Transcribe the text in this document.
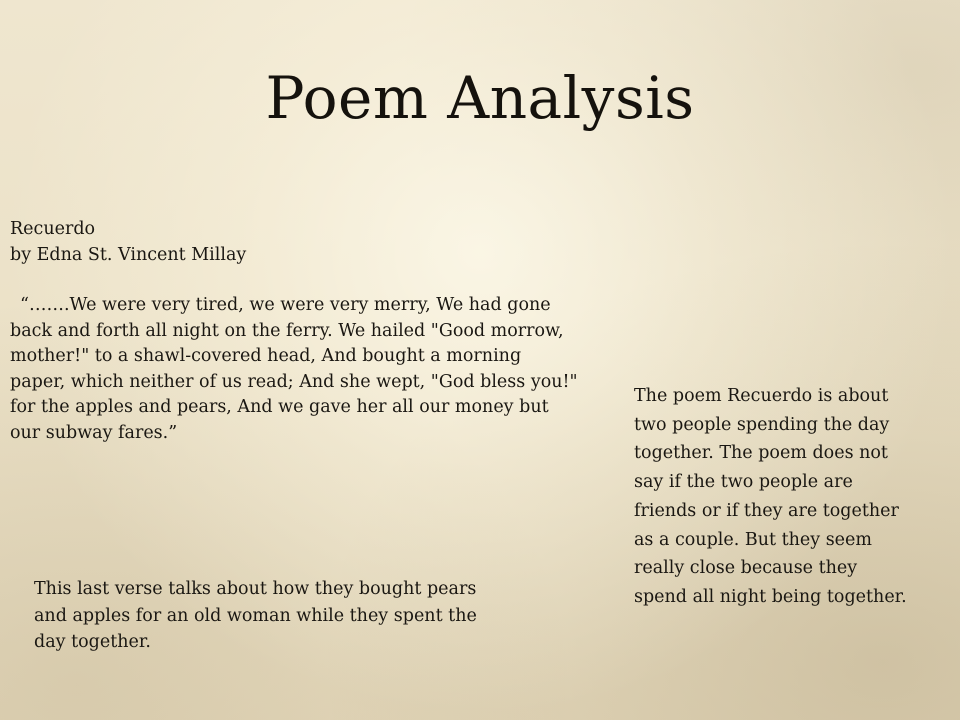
Poem Analysis
Recuerdo
by Edna St. Vincent Millay
“…….We were very tired, we were very merry, We had gone back and forth all night on the ferry. We hailed "Good morrow, mother!" to a shawl-covered head, And bought a morning paper, which neither of us read; And she wept, "God bless you!" for the apples and pears, And we gave her all our money but our subway fares.”
This last verse talks about how they bought pears and apples for an old woman while they spent the day together.
The poem Recuerdo is about two people spending the day together. The poem does not say if the two people are friends or if they are together as a couple. But they seem really close because they spend all night being together.
